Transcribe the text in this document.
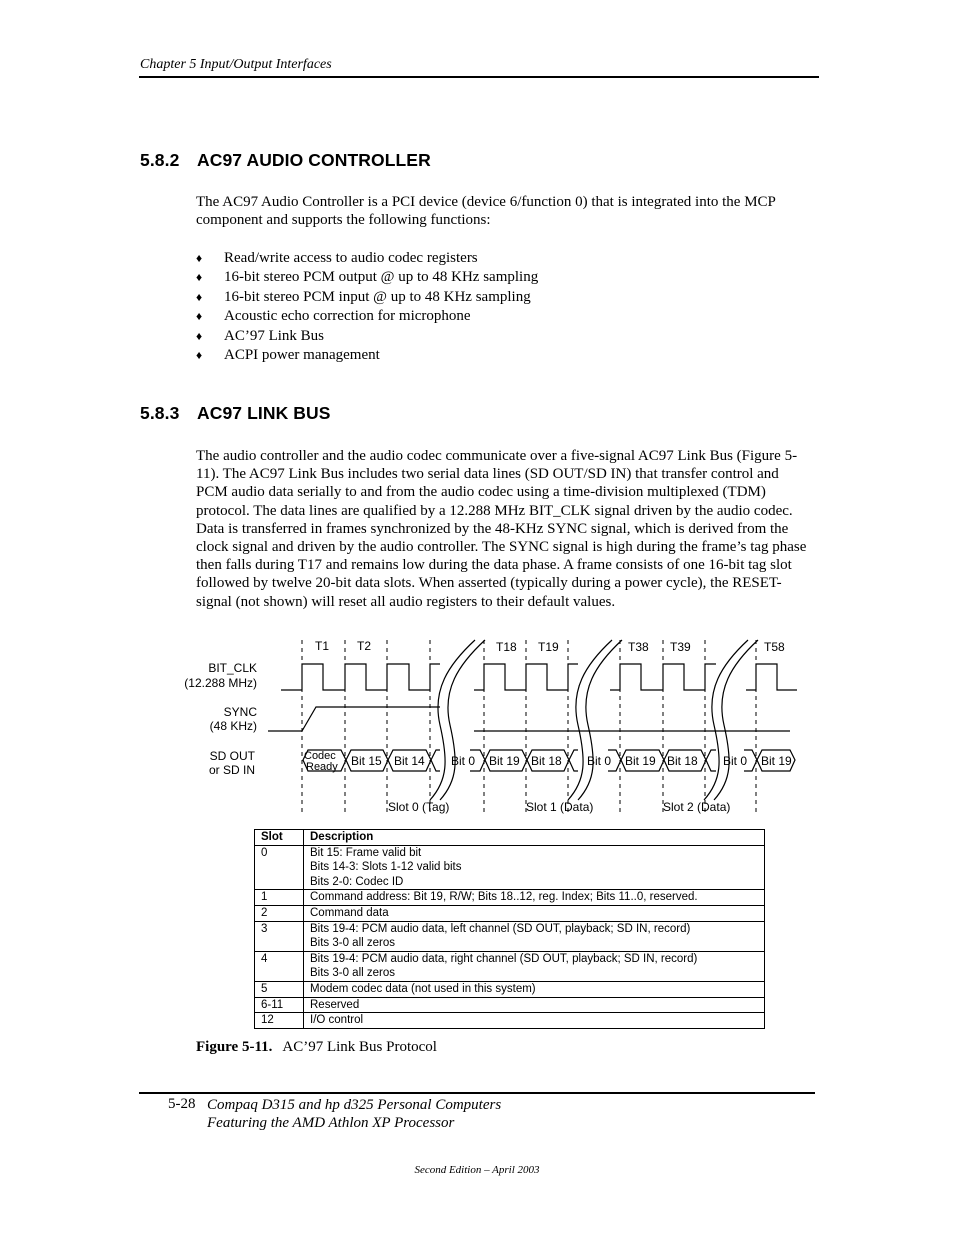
Chapter 5 Input/Output Interfaces
5.8.2 AC97 AUDIO CONTROLLER
The AC97 Audio Controller is a PCI device (device 6/function 0) that is integrated into the MCP component and supports the following functions:
♦ Read/write access to audio codec registers
♦ 16-bit stereo PCM output @ up to 48 KHz sampling
♦ 16-bit stereo PCM input @ up to 48 KHz sampling
♦ Acoustic echo correction for microphone
♦ AC’97 Link Bus
♦ ACPI power management
5.8.3 AC97 LINK BUS
The audio controller and the audio codec communicate over a five-signal AC97 Link Bus (Figure 5-11). The AC97 Link Bus includes two serial data lines (SD OUT/SD IN) that transfer control and PCM audio data serially to and from the audio codec using a time-division multiplexed (TDM) protocol. The data lines are qualified by a 12.288 MHz BIT_CLK signal driven by the audio codec. Data is transferred in frames synchronized by the 48-KHz SYNC signal, which is derived from the clock signal and driven by the audio controller. The SYNC signal is high during the frame’s tag phase then falls during T17 and remains low during the data phase. A frame consists of one 16-bit tag slot followed by twelve 20-bit data slots. When asserted (typically during a power cycle), the RESET- signal (not shown) will reset all audio registers to their default values.
T1 T2	T18 T19	T38 T39	T58
BIT_CLK
(12.288 MHz)
SYNC
(48 KHz)
SD OUT
or SD IN
Codec
Ready Bit 15 Bit 14 Bit 0 Bit 19 Bit 18 Bit 0 Bit 19 Bit 18 Bit 0 Bit 19
Slot 0 (Tag)	Slot 1 (Data)	Slot 2 (Data)
Slot	Description
0	Bit 15: Frame valid bit
Bits 14-3: Slots 1-12 valid bits
Bits 2-0: Codec ID

1	Command address: Bit 19, R/W; Bits 18..12, reg. Index; Bits 11..0, reserved.

2	Command data

3	Bits 19-4: PCM audio data, left channel (SD OUT, playback; SD IN, record)
Bits 3-0 all zeros

4	Bits 19-4: PCM audio data, right channel (SD OUT, playback; SD IN, record)
Bits 3-0 all zeros

5	Modem codec data (not used in this system)

6-11	Reserved

12	I/O control
Figure 5-11. AC’97 Link Bus Protocol
5-28 Compaq D315 and hp d325 Personal Computers
Featuring the AMD Athlon XP Processor
Second Edition – April 2003
